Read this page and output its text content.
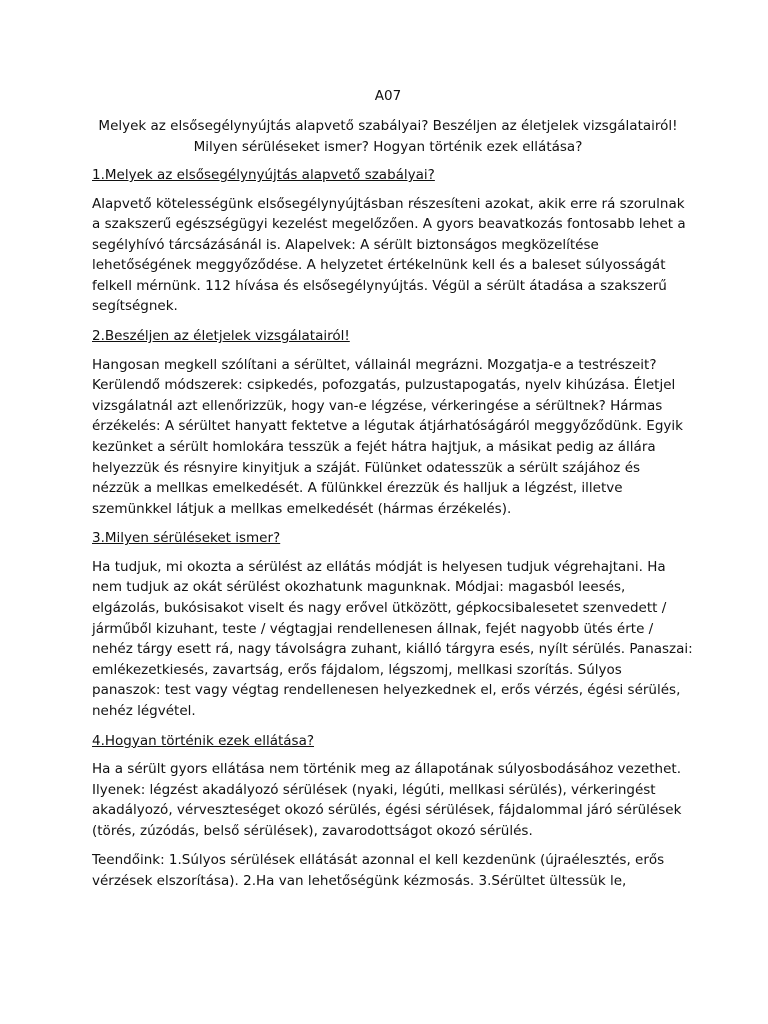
A07
Melyek az elsősegélynyújtás alapvető szabályai? Beszéljen az életjelek vizsgálatairól!
Milyen sérüléseket ismer? Hogyan történik ezek ellátása?
1.Melyek az elsősegélynyújtás alapvető szabályai?
Alapvető kötelességünk elsősegélynyújtásban részesíteni azokat, akik erre rá szorulnak
a szakszerű egészségügyi kezelést megelőzően. A gyors beavatkozás fontosabb lehet a
segélyhívó tárcsázásánál is. Alapelvek: A sérült biztonságos megközelítése
lehetőségének meggyőződése. A helyzetet értékelnünk kell és a baleset súlyosságát
felkell mérnünk. 112 hívása és elsősegélynyújtás. Végül a sérült átadása a szakszerű
segítségnek.
2.Beszéljen az életjelek vizsgálatairól!
Hangosan megkell szólítani a sérültet, vállainál megrázni. Mozgatja-e a testrészeit?
Kerülendő módszerek: csipkedés, pofozgatás, pulzustapogatás, nyelv kihúzása. Életjel
vizsgálatnál azt ellenőrizzük, hogy van-e légzése, vérkeringése a sérültnek? Hármas
érzékelés: A sérültet hanyatt fektetve a légutak átjárhatóságáról meggyőződünk. Egyik
kezünket a sérült homlokára tesszük a fejét hátra hajtjuk, a másikat pedig az állára
helyezzük és résnyire kinyitjuk a száját. Fülünket odatesszük a sérült szájához és
nézzük a mellkas emelkedését. A fülünkkel érezzük és halljuk a légzést, illetve
szemünkkel látjuk a mellkas emelkedését (hármas érzékelés).
3.Milyen sérüléseket ismer?
Ha tudjuk, mi okozta a sérülést az ellátás módját is helyesen tudjuk végrehajtani. Ha
nem tudjuk az okát sérülést okozhatunk magunknak. Módjai: magasból leesés,
elgázolás, bukósisakot viselt és nagy erővel ütközött, gépkocsibalesetet szenvedett /
járműből kizuhant, teste / végtagjai rendellenesen állnak, fejét nagyobb ütés érte /
nehéz tárgy esett rá, nagy távolságra zuhant, kiálló tárgyra esés, nyílt sérülés. Panaszai:
emlékezetkiesés, zavartság, erős fájdalom, légszomj, mellkasi szorítás. Súlyos
panaszok: test vagy végtag rendellenesen helyezkednek el, erős vérzés, égési sérülés,
nehéz légvétel.
4.Hogyan történik ezek ellátása?
Ha a sérült gyors ellátása nem történik meg az állapotának súlyosbodásához vezethet.
Ilyenek: légzést akadályozó sérülések (nyaki, légúti, mellkasi sérülés), vérkeringést
akadályozó, vérveszteséget okozó sérülés, égési sérülések, fájdalommal járó sérülések
(törés, zúzódás, belső sérülések), zavarodottságot okozó sérülés.
Teendőink: 1.Súlyos sérülések ellátását azonnal el kell kezdenünk (újraélesztés, erős
vérzések elszorítása). 2.Ha van lehetőségünk kézmosás. 3.Sérültet ültessük le,
